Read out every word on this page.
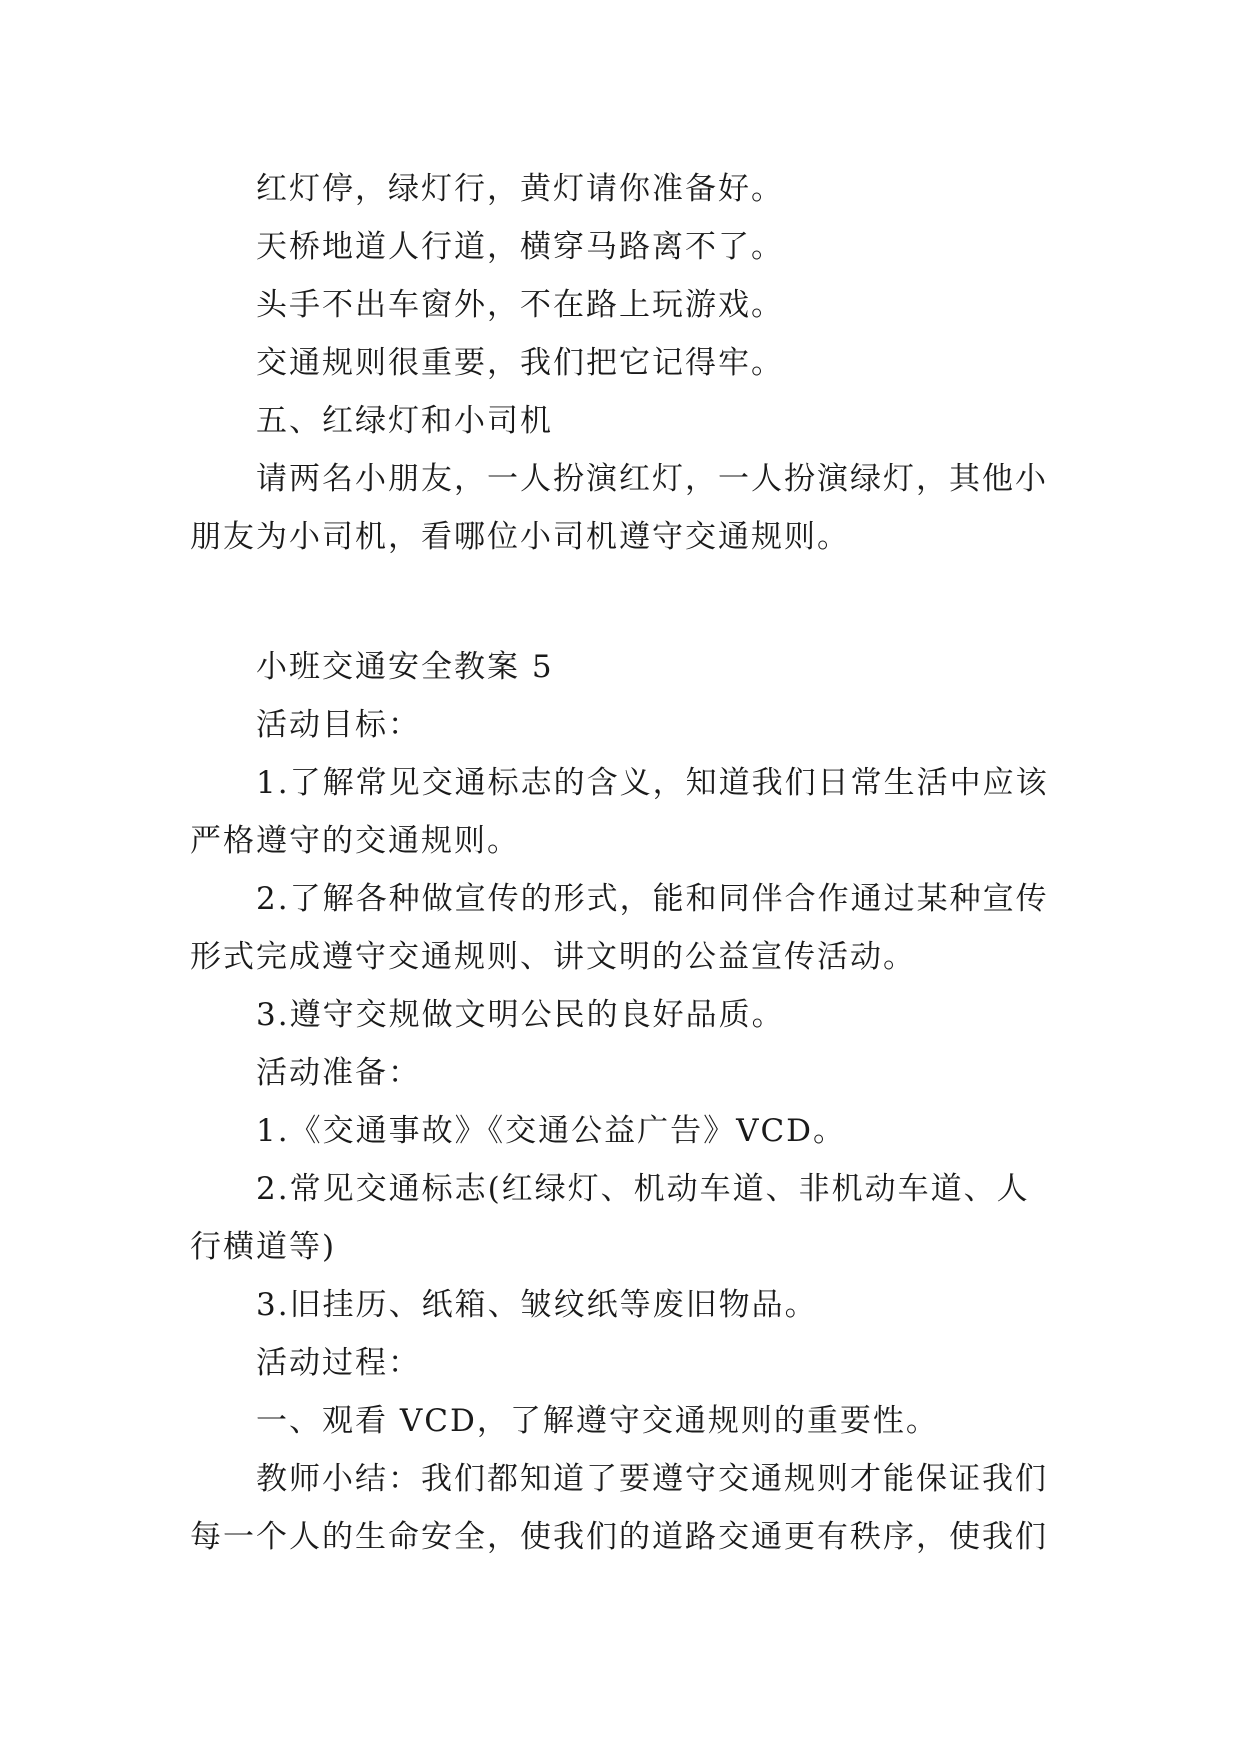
红灯停，绿灯行，黄灯请你准备好。

天桥地道人行道，横穿马路离不了。

头手不出车窗外，不在路上玩游戏。

交通规则很重要，我们把它记得牢。

五、红绿灯和小司机

请两名小朋友，一人扮演红灯，一人扮演绿灯，其他小朋友为小司机，看哪位小司机遵守交通规则。

小班交通安全教案 5

活动目标：

1.了解常见交通标志的含义，知道我们日常生活中应该严格遵守的交通规则。

2.了解各种做宣传的形式，能和同伴合作通过某种宣传形式完成遵守交通规则、讲文明的公益宣传活动。

3.遵守交规做文明公民的良好品质。

活动准备：

1.《交通事故》《交通公益广告》VCD。

2.常见交通标志(红绿灯、机动车道、非机动车道、人行横道等)

3.旧挂历、纸箱、皱纹纸等废旧物品。

活动过程：

一、观看 VCD，了解遵守交通规则的重要性。

教师小结：我们都知道了要遵守交通规则才能保证我们每一个人的生命安全，使我们的道路交通更有秩序，使我们
